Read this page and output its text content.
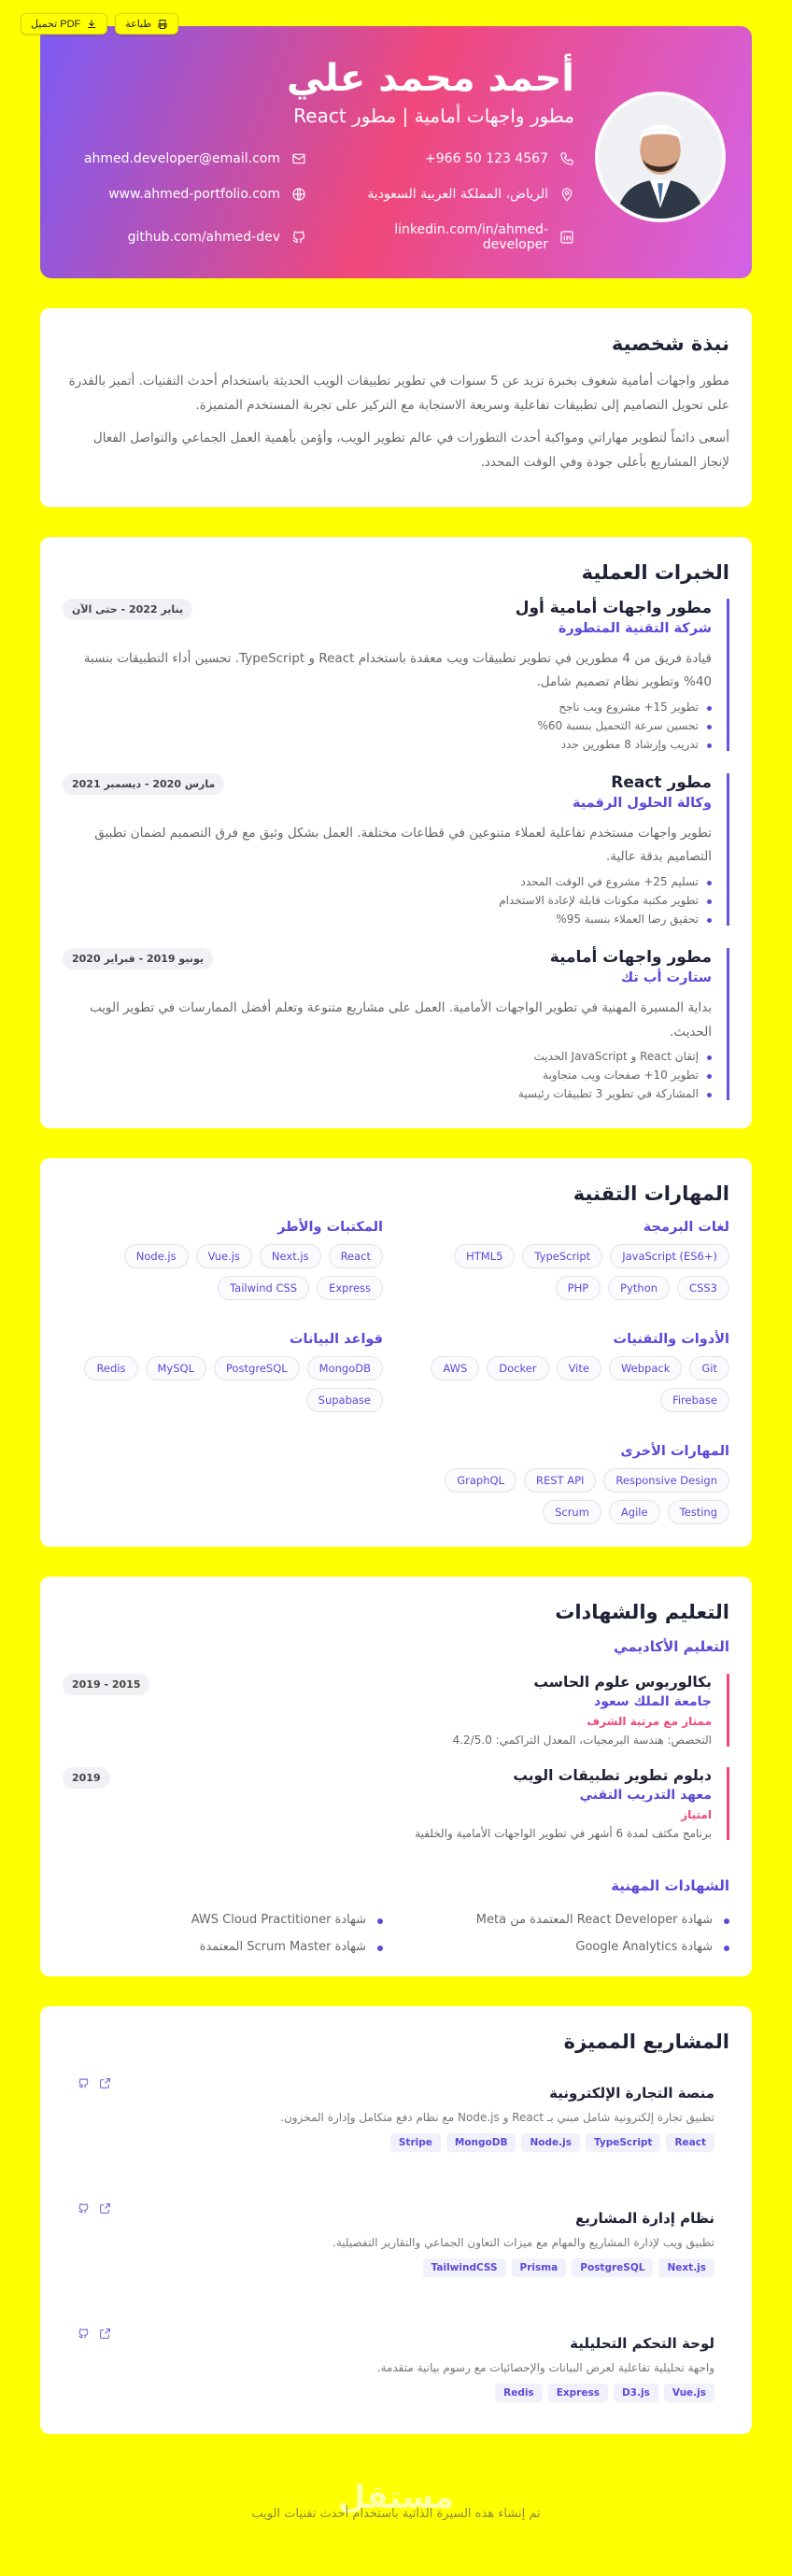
تحميل PDF	طباعة
أحمد محمد علي
مطور واجهات أمامية | مطور React
+966 50 123 4567
ahmed.developer@email.com
الرياض، المملكة العربية السعودية
www.ahmed-portfolio.com
linkedin.com/in/ahmed-developer
github.com/ahmed-dev
نبذة شخصية

مطور واجهات أمامية شغوف بخبرة تزيد عن 5 سنوات في تطوير تطبيقات الويب الحديثة باستخدام أحدث التقنيات. أتميز بالقدرة على تحويل التصاميم إلى تطبيقات تفاعلية وسريعة الاستجابة مع التركيز على تجربة المستخدم المتميزة.

أسعى دائماً لتطوير مهاراتي ومواكبة أحدث التطورات في عالم تطوير الويب، وأؤمن بأهمية العمل الجماعي والتواصل الفعال لإنجاز المشاريع بأعلى جودة وفي الوقت المحدد.

الخبرات العملية
مطور واجهات أمامية أول
شركة التقنية المتطورة
يناير 2022 - حتى الآن

قيادة فريق من 4 مطورين في تطوير تطبيقات ويب معقدة باستخدام React و TypeScript. تحسين أداء التطبيقات بنسبة 40% وتطوير نظام تصميم شامل.

تطوير 15+ مشروع ويب ناجح
تحسين سرعة التحميل بنسبة 60%
تدريب وإرشاد 8 مطورين جدد
مطور React
وكالة الحلول الرقمية
مارس 2020 - ديسمبر 2021

تطوير واجهات مستخدم تفاعلية لعملاء متنوعين في قطاعات مختلفة. العمل بشكل وثيق مع فرق التصميم لضمان تطبيق التصاميم بدقة عالية.

تسليم 25+ مشروع في الوقت المحدد
تطوير مكتبة مكونات قابلة لإعادة الاستخدام
تحقيق رضا العملاء بنسبة 95%
مطور واجهات أمامية
ستارت أب تك
يونيو 2019 - فبراير 2020

بداية المسيرة المهنية في تطوير الواجهات الأمامية. العمل على مشاريع متنوعة وتعلم أفضل الممارسات في تطوير الويب الحديث.

إتقان React و JavaScript الحديث
تطوير 10+ صفحات ويب متجاوبة
المشاركة في تطوير 3 تطبيقات رئيسية
المهارات التقنية
لغات البرمجة
JavaScript (ES6+)
TypeScript
HTML5
CSS3
Python
PHP
المكتبات والأطر
React
Next.js
Vue.js
Node.js
Express
Tailwind CSS
الأدوات والتقنيات
Git
Webpack
Vite
Docker
AWS
Firebase
قواعد البيانات
MongoDB
PostgreSQL
MySQL
Redis
Supabase
المهارات الأخرى
Responsive Design
REST API
GraphQL
Testing
Agile
Scrum
التعليم والشهادات
التعليم الأكاديمي
بكالوريوس علوم الحاسب
جامعة الملك سعود
2015 - 2019
ممتاز مع مرتبة الشرف
التخصص: هندسة البرمجيات، المعدل التراكمي: 4.2/5.0
دبلوم تطوير تطبيقات الويب
معهد التدريب التقني
2019
امتياز
برنامج مكثف لمدة 6 أشهر في تطوير الواجهات الأمامية والخلفية
الشهادات المهنية
شهادة React Developer المعتمدة من Meta
شهادة AWS Cloud Practitioner
شهادة Google Analytics
شهادة Scrum Master المعتمدة
المشاريع المميزة
منصة التجارة الإلكترونية

تطبيق تجارة إلكترونية شامل مبني بـ React و Node.js مع نظام دفع متكامل وإدارة المخزون.

React
TypeScript
Node.js
MongoDB
Stripe
نظام إدارة المشاريع

تطبيق ويب لإدارة المشاريع والمهام مع ميزات التعاون الجماعي والتقارير التفصيلية.

Next.js
PostgreSQL
Prisma
TailwindCSS
لوحة التحكم التحليلية

واجهة تحليلية تفاعلية لعرض البيانات والإحصائيات مع رسوم بيانية متقدمة.

Vue.js
D3.js
Express
Redis
مستقل
تم إنشاء هذه السيرة الذاتية باستخدام أحدث تقنيات الويب
